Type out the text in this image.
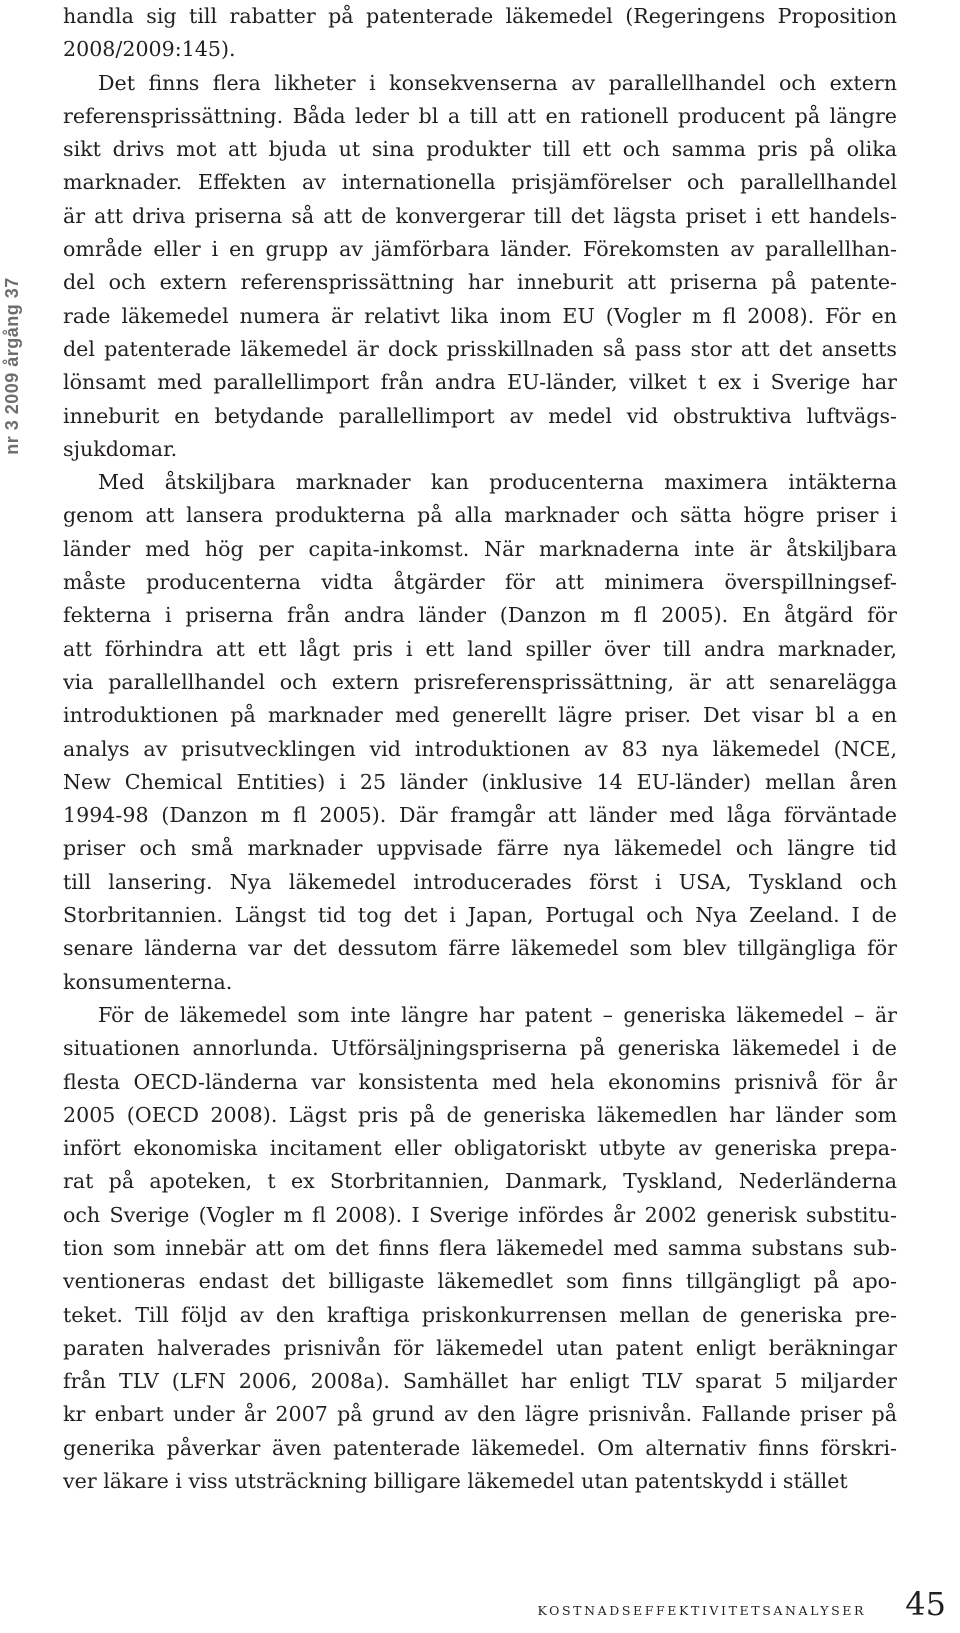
nr 3 2009 årgång 37
handla sig till rabatter på patenterade läkemedel (Regeringens Proposition
2008/2009:145).
Det finns flera likheter i konsekvenserna av parallellhandel och extern
referensprissättning. Båda leder bl a till att en rationell producent på längre
sikt drivs mot att bjuda ut sina produkter till ett och samma pris på olika
marknader. Effekten av internationella prisjämförelser och parallellhandel
är att driva priserna så att de konvergerar till det lägsta priset i ett handels-
område eller i en grupp av jämförbara länder. Förekomsten av parallellhan-
del och extern referensprissättning har inneburit att priserna på patente-
rade läkemedel numera är relativt lika inom EU (Vogler m fl 2008). För en
del patenterade läkemedel är dock prisskillnaden så pass stor att det ansetts
lönsamt med parallellimport från andra EU-länder, vilket t ex i Sverige har
inneburit en betydande parallellimport av medel vid obstruktiva luftvägs-
sjukdomar.
Med åtskiljbara marknader kan producenterna maximera intäkterna
genom att lansera produkterna på alla marknader och sätta högre priser i
länder med hög per capita-inkomst. När marknaderna inte är åtskiljbara
måste producenterna vidta åtgärder för att minimera överspillningsef-
fekterna i priserna från andra länder (Danzon m fl 2005). En åtgärd för
att förhindra att ett lågt pris i ett land spiller över till andra marknader,
via parallellhandel och extern prisreferensprissättning, är att senarelägga
introduktionen på marknader med generellt lägre priser. Det visar bl a en
analys av prisutvecklingen vid introduktionen av 83 nya läkemedel (NCE,
New Chemical Entities) i 25 länder (inklusive 14 EU-länder) mellan åren
1994-98 (Danzon m fl 2005). Där framgår att länder med låga förväntade
priser och små marknader uppvisade färre nya läkemedel och längre tid
till lansering. Nya läkemedel introducerades först i USA, Tyskland och
Storbritannien. Längst tid tog det i Japan, Portugal och Nya Zeeland. I de
senare länderna var det dessutom färre läkemedel som blev tillgängliga för
konsumenterna.
För de läkemedel som inte längre har patent – generiska läkemedel – är
situationen annorlunda. Utförsäljningspriserna på generiska läkemedel i de
flesta OECD-länderna var konsistenta med hela ekonomins prisnivå för år
2005 (OECD 2008). Lägst pris på de generiska läkemedlen har länder som
infört ekonomiska incitament eller obligatoriskt utbyte av generiska prepa-
rat på apoteken, t ex Storbritannien, Danmark, Tyskland, Nederländerna
och Sverige (Vogler m fl 2008). I Sverige infördes år 2002 generisk substitu-
tion som innebär att om det finns flera läkemedel med samma substans sub-
ventioneras endast det billigaste läkemedlet som finns tillgängligt på apo-
teket. Till följd av den kraftiga priskonkurrensen mellan de generiska pre-
paraten halverades prisnivån för läkemedel utan patent enligt beräkningar
från TLV (LFN 2006, 2008a). Samhället har enligt TLV sparat 5 miljarder
kr enbart under år 2007 på grund av den lägre prisnivån. Fallande priser på
generika påverkar även patenterade läkemedel. Om alternativ finns förskri-
ver läkare i viss utsträckning billigare läkemedel utan patentskydd i stället
KOSTNADSEFFEKTIVITETSANALYSER 45
